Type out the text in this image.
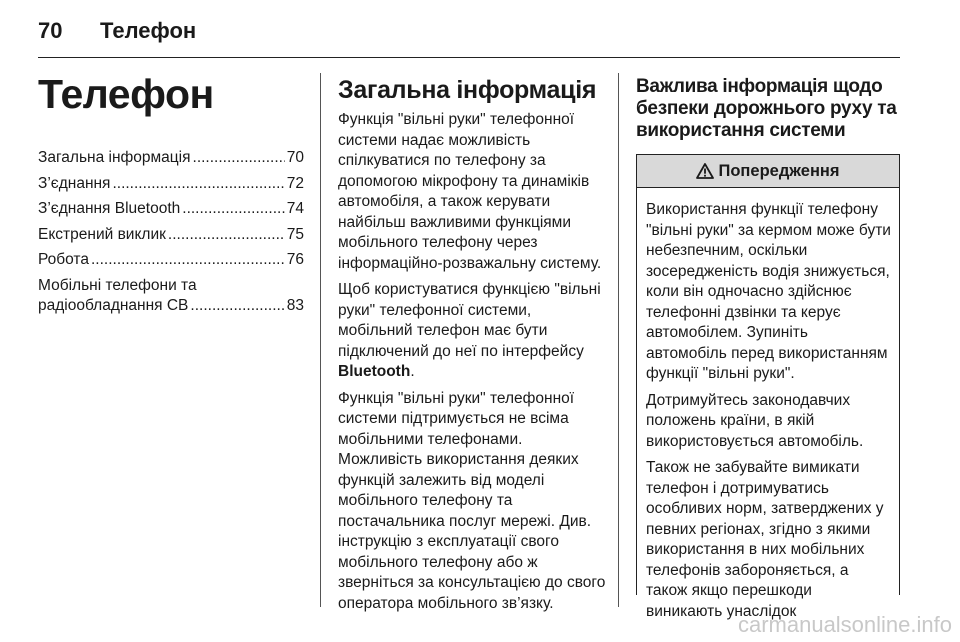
70 Телефон
Телефон
Загальна інформація .....	70
З’єднання .....	72
З’єднання Bluetooth .....	74
Екстрений виклик .....	75
Робота .....	76
Мобільні телефони та
радіообладнання CB .....	83
Загальна інформація

Функція "вільні руки" телефонної системи надає можливість спілкуватися по телефону за допомогою мікрофону та динаміків автомобіля, а також керувати найбільш важливими функціями мобільного телефону через інформаційно-розважальну систему.

Щоб користуватися функцією "вільні руки" телефонної системи, мобільний телефон має бути підключений до неї по інтерфейсу Bluetooth.

Функція "вільні руки" телефонної системи підтримується не всіма мобільними телефонами. Можливість використання деяких функцій залежить від моделі мобільного телефону та постачальника послуг мережі. Див. інструкцію з експлуатації свого мобільного телефону або ж зверніться за консультацією до свого оператора мобільного зв’язку.

Важлива інформація щодо безпеки дорожнього руху та використання системи
Попередження

Використання функції телефону "вільні руки" за кермом може бути небезпечним, оскільки зосередженість водія знижується, коли він одночасно здійснює телефонні дзвінки та керує автомобілем. Зупиніть автомобіль перед використанням функції "вільні руки".

Дотримуйтесь законодавчих положень країни, в якій використовується автомобіль.

Також не забувайте вимикати телефон і дотримуватись особливих норм, затверджених у певних регіонах, згідно з якими використання в них мобільних телефонів забороняється, а також якщо перешкоди виникають унаслідок

carmanualsonline.info
